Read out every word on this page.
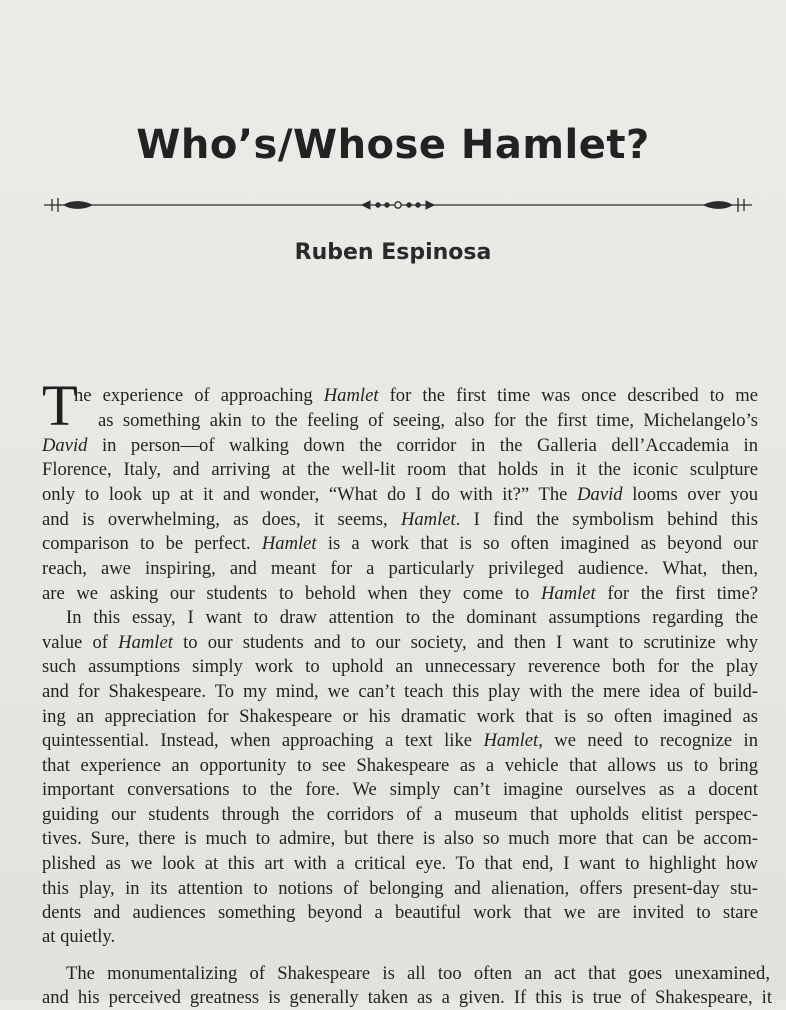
Who’s/Whose Hamlet?
Ruben Espinosa
T
he experience of approaching Hamlet for the first time was once described to me
as something akin to the feeling of seeing, also for the first time, Michelangelo’s
David in person—of walking down the corridor in the Galleria dell’Accademia in
Florence, Italy, and arriving at the well-lit room that holds in it the iconic sculpture
only to look up at it and wonder, “What do I do with it?” The David looms over you
and is overwhelming, as does, it seems, Hamlet. I find the symbolism behind this
comparison to be perfect. Hamlet is a work that is so often imagined as beyond our
reach, awe inspiring, and meant for a particularly privileged audience. What, then,
are we asking our students to behold when they come to Hamlet for the first time?
In this essay, I want to draw attention to the dominant assumptions regarding the
value of Hamlet to our students and to our society, and then I want to scrutinize why
such assumptions simply work to uphold an unnecessary reverence both for the play
and for Shakespeare. To my mind, we can’t teach this play with the mere idea of build-
ing an appreciation for Shakespeare or his dramatic work that is so often imagined as
quintessential. Instead, when approaching a text like Hamlet, we need to recognize in
that experience an opportunity to see Shakespeare as a vehicle that allows us to bring
important conversations to the fore. We simply can’t imagine ourselves as a docent
guiding our students through the corridors of a museum that upholds elitist perspec-
tives. Sure, there is much to admire, but there is also so much more that can be accom-
plished as we look at this art with a critical eye. To that end, I want to highlight how
this play, in its attention to notions of belonging and alienation, offers present-day stu-
dents and audiences something beyond a beautiful work that we are invited to stare
at quietly.
The monumentalizing of Shakespeare is all too often an act that goes unexamined,
and his perceived greatness is generally taken as a given. If this is true of Shakespeare, it
